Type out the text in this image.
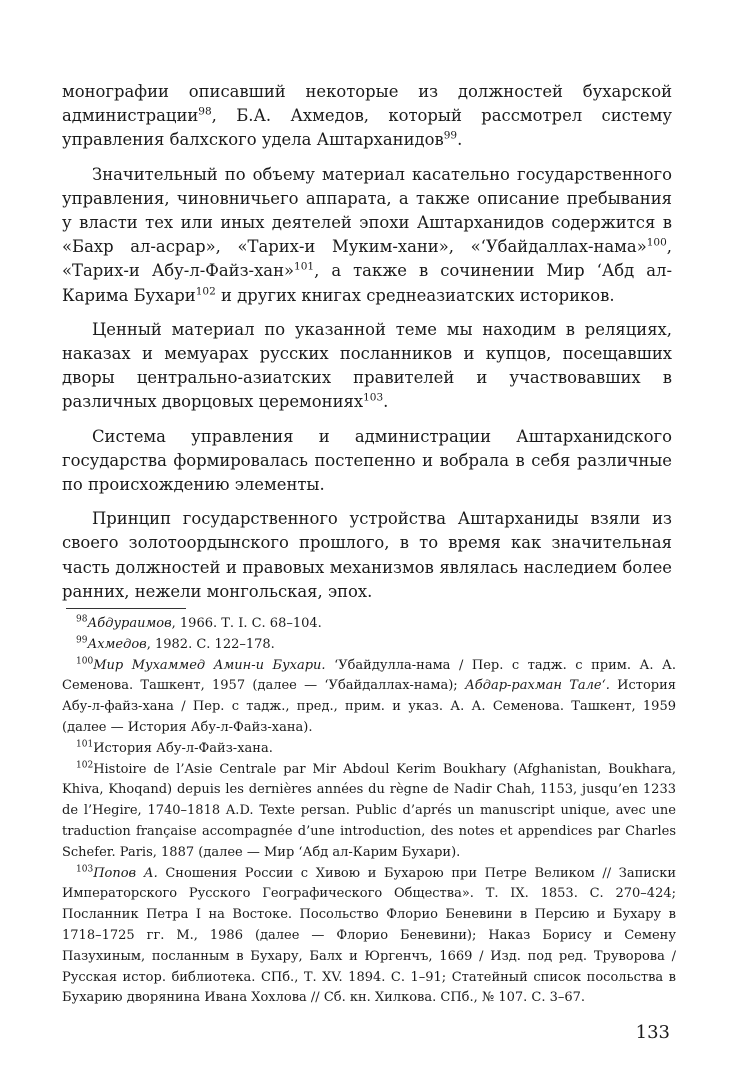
монографии описавший некоторые из должностей бухарской администрации$^{98}$, Б.А. Ахмедов, который рассмотрел систему управления балхского удела Аштарханидов$^{99}$.

Значительный по объему материал касательно государственного управления, чиновничьего аппарата, а также описание пребывания у власти тех или иных деятелей эпохи Аштарханидов содержится в «Бахр ал-асрар», «Тарих-и Муким-хани», «‘Убайдаллах-нама»$^{100}$, «Тарих-и Абу-л-Файз-хан»$^{101}$, а также в сочинении Мир ‘Абд ал-Карима Бухари$^{102}$ и других книгах среднеазиатских историков.

Ценный материал по указанной теме мы находим в реляциях, наказах и мемуарах русских посланников и купцов, посещавших дворы центрально-азиатских правителей и участвовавших в различных дворцовых церемониях$^{103}$.

Система управления и администрации Аштарханидского государства формировалась постепенно и вобрала в себя различные по происхождению элементы.

Принцип государственного устройства Аштарханиды взяли из своего золотоордынского прошлого, в то время как значительная часть должностей и правовых механизмов являлась наследием более ранних, нежели монгольская, эпох.

$^{98}$Абдураимов, 1966. Т. I. С. 68–104.

$^{99}$Ахмедов, 1982. С. 122–178.

$^{100}$Мир Мухаммед Амин-и Бухари. ‘Убайдулла-нама / Пер. с тадж. с прим. А. А. Семенова. Ташкент, 1957 (далее — ‘Убайдаллах-нама); Абдар-рахман Тале‘. История Абу-л-файз-хана / Пер. с тадж., пред., прим. и указ. А. А. Семенова. Ташкент, 1959 (далее — История Абу-л-Файз-хана).

$^{101}$История Абу-л-Файз-хана.

$^{102}$Histoire de l’Asie Centrale par Mir Abdoul Kerim Boukhary (Afghanistan, Boukhara, Khiva, Khoqand) depuis les dernières années du règne de Nadir Chah, 1153, jusqu’en 1233 de l’Hegire, 1740–1818 A.D. Texte persan. Public d’aprés un manuscript unique, avec une traduction française accompagnée d’une introduction, des notes et appendices par Charles Schefer. Paris, 1887 (далее — Мир ‘Абд ал-Карим Бухари).

$^{103}$Попов А. Сношения России с Хивою и Бухарою при Петре Великом // Записки Императорского Русского Географического Общества». Т. IX. 1853. С. 270–424; Посланник Петра I на Востоке. Посольство Флорио Беневини в Персию и Бухару в 1718–1725 гг. М., 1986 (далее — Флорио Беневини); Наказ Борису и Семену Пазухиным, посланным в Бухару, Балх и Юргенчъ, 1669 / Изд. под ред. Труворова / Русская истор. библиотека. СПб., Т. XV. 1894. С. 1–91; Статейный список посольства в Бухарию дворянина Ивана Хохлова // Сб. кн. Хилкова. СПб., № 107. С. 3–67.

133
